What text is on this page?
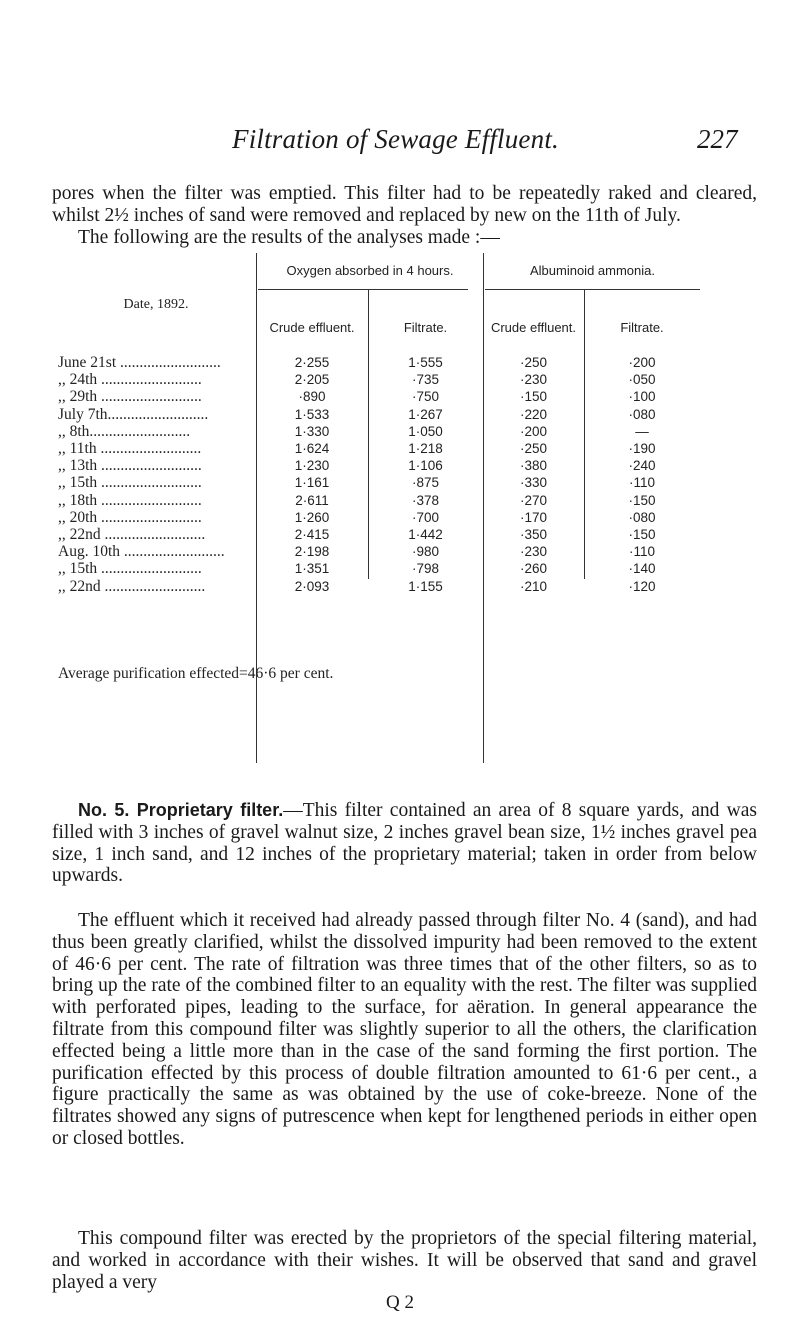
Filtration of Sewage Effluent.	227

pores when the filter was emptied. This filter had to be repeatedly raked and cleared, whilst 2½ inches of sand were removed and replaced by new on the 11th of July.

The following are the results of the analyses made :—

Date, 1892.
Oxygen absorbed in 4 hours.	Albuminoid ammonia.
Crude effluent.	Filtrate.	Crude effluent.	Filtrate.
June 21st ..........................	2·255	1·555	·250	·200
,, 24th ..........................	2·205	·735	·230	·050
,, 29th ..........................	·890	·750	·150	·100
July 7th..........................	1·533	1·267	·220	·080
,, 8th..........................	1·330	1·050	·200	—
,, 11th ..........................	1·624	1·218	·250	·190
,, 13th ..........................	1·230	1·106	·380	·240
,, 15th ..........................	1·161	·875	·330	·110
,, 18th ..........................	2·611	·378	·270	·150
,, 20th ..........................	1·260	·700	·170	·080
,, 22nd ..........................	2·415	1·442	·350	·150
Aug. 10th ..........................	2·198	·980	·230	·110
,, 15th ..........................	1·351	·798	·260	·140
,, 22nd ..........................	2·093	1·155	·210	·120
Average purification effected=46·6 per cent.

No. 5. Proprietary filter.—This filter contained an area of 8 square yards, and was filled with 3 inches of gravel walnut size, 2 inches gravel bean size, 1½ inches gravel pea size, 1 inch sand, and 12 inches of the proprietary material; taken in order from below upwards.

The effluent which it received had already passed through filter No. 4 (sand), and had thus been greatly clarified, whilst the dissolved impurity had been removed to the extent of 46·6 per cent. The rate of filtration was three times that of the other filters, so as to bring up the rate of the combined filter to an equality with the rest. The filter was supplied with perforated pipes, leading to the surface, for aëration. In general appearance the filtrate from this compound filter was slightly superior to all the others, the clarification effected being a little more than in the case of the sand forming the first portion. The purification effected by this process of double filtration amounted to 61·6 per cent., a figure practically the same as was obtained by the use of coke-breeze. None of the filtrates showed any signs of putrescence when kept for lengthened periods in either open or closed bottles.

This compound filter was erected by the proprietors of the special filtering material, and worked in accordance with their wishes. It will be observed that sand and gravel played a very

Q 2
